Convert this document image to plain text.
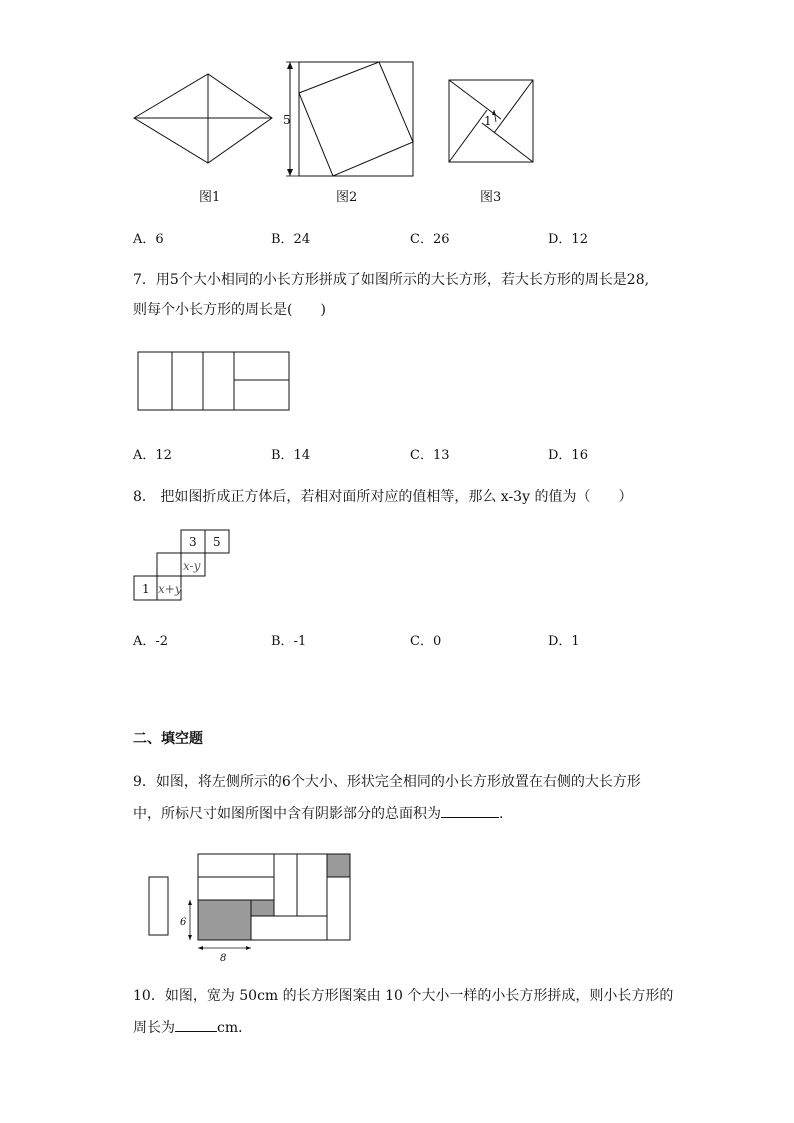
5	1
图1	图2	图3
A．6	B．24	C．26	D．12
7．用5个大小相同的小长方形拼成了如图所示的大长方形，若大长方形的周长是28,
则每个小长方形的周长是(　　)
A．12	B．14	C．13	D．16
8． 把如图折成正方体后，若相对面所对应的值相等，那么 x-3y 的值为（　　）
3 5
x-y
1 x+y
A．-2	B．-1	C．0	D．1
二、填空题
9．如图，将左侧所示的6个大小、形状完全相同的小长方形放置在右侧的大长方形
中，所标尺寸如图所图中含有阴影部分的总面积为	.
6
8
10．如图，宽为 50cm 的长方形图案由 10 个大小一样的小长方形拼成，则小长方形的
周长为	cm．
